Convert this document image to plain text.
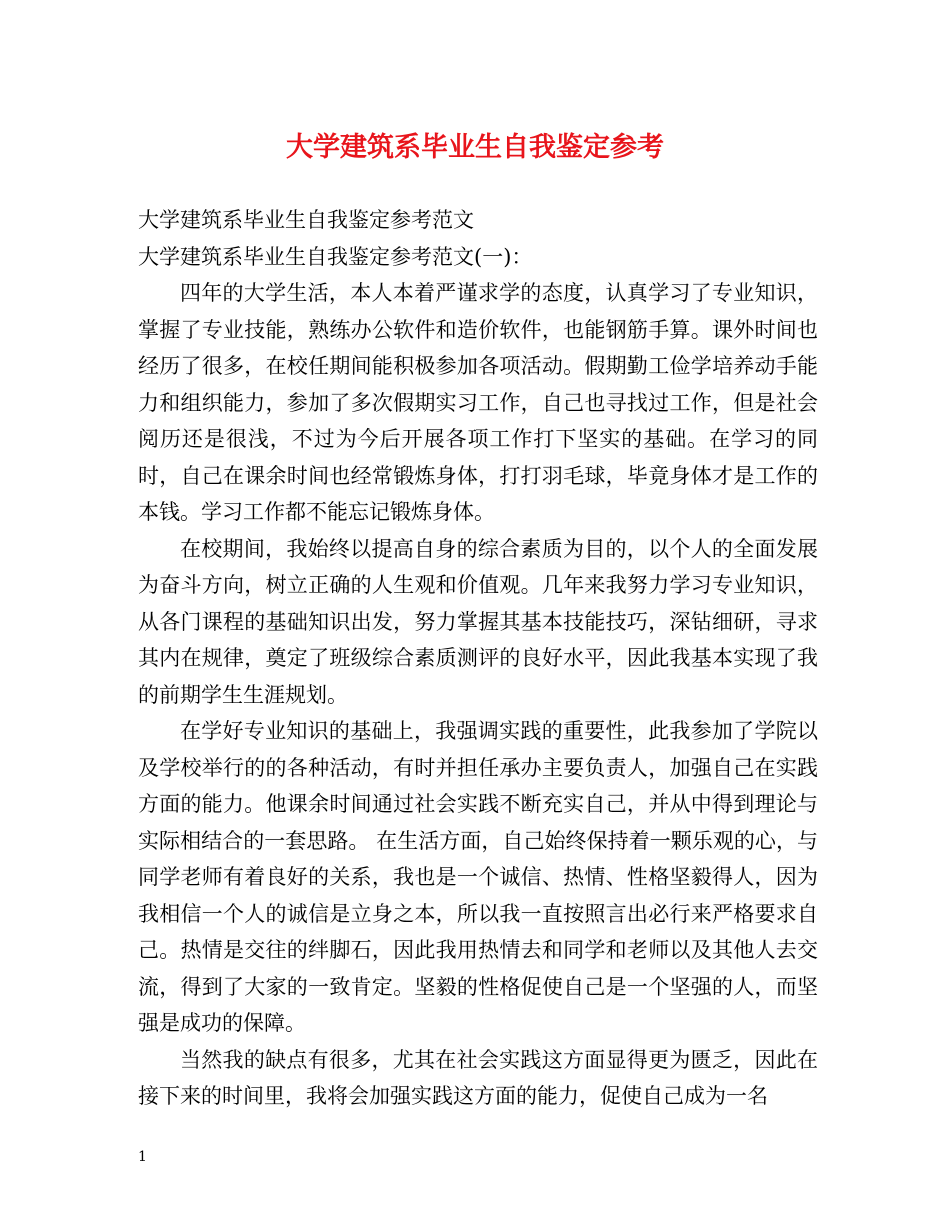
大学建筑系毕业生自我鉴定参考

大学建筑系毕业生自我鉴定参考范文

大学建筑系毕业生自我鉴定参考范文(一)：

四年的大学生活，本人本着严谨求学的态度，认真学习了专业知识，掌握了专业技能，熟练办公软件和造价软件，也能钢筋手算。课外时间也经历了很多，在校任期间能积极参加各项活动。假期勤工俭学培养动手能力和组织能力，参加了多次假期实习工作，自己也寻找过工作，但是社会阅历还是很浅，不过为今后开展各项工作打下坚实的基础。在学习的同时，自己在课余时间也经常锻炼身体，打打羽毛球，毕竟身体才是工作的本钱。学习工作都不能忘记锻炼身体。

在校期间，我始终以提高自身的综合素质为目的，以个人的全面发展为奋斗方向，树立正确的人生观和价值观。几年来我努力学习专业知识，从各门课程的基础知识出发，努力掌握其基本技能技巧，深钻细研，寻求其内在规律，奠定了班级综合素质测评的良好水平，因此我基本实现了我的前期学生生涯规划。

在学好专业知识的基础上，我强调实践的重要性，此我参加了学院以及学校举行的的各种活动，有时并担任承办主要负责人，加强自己在实践方面的能力。他课余时间通过社会实践不断充实自己，并从中得到理论与实际相结合的一套思路。 在生活方面，自己始终保持着一颗乐观的心，与同学老师有着良好的关系，我也是一个诚信、热情、性格坚毅得人，因为我相信一个人的诚信是立身之本，所以我一直按照言出必行来严格要求自己。热情是交往的绊脚石，因此我用热情去和同学和老师以及其他人去交流，得到了大家的一致肯定。坚毅的性格促使自己是一个坚强的人，而坚强是成功的保障。

当然我的缺点有很多，尤其在社会实践这方面显得更为匮乏，因此在接下来的时间里，我将会加强实践这方面的能力，促使自己成为一名

1
